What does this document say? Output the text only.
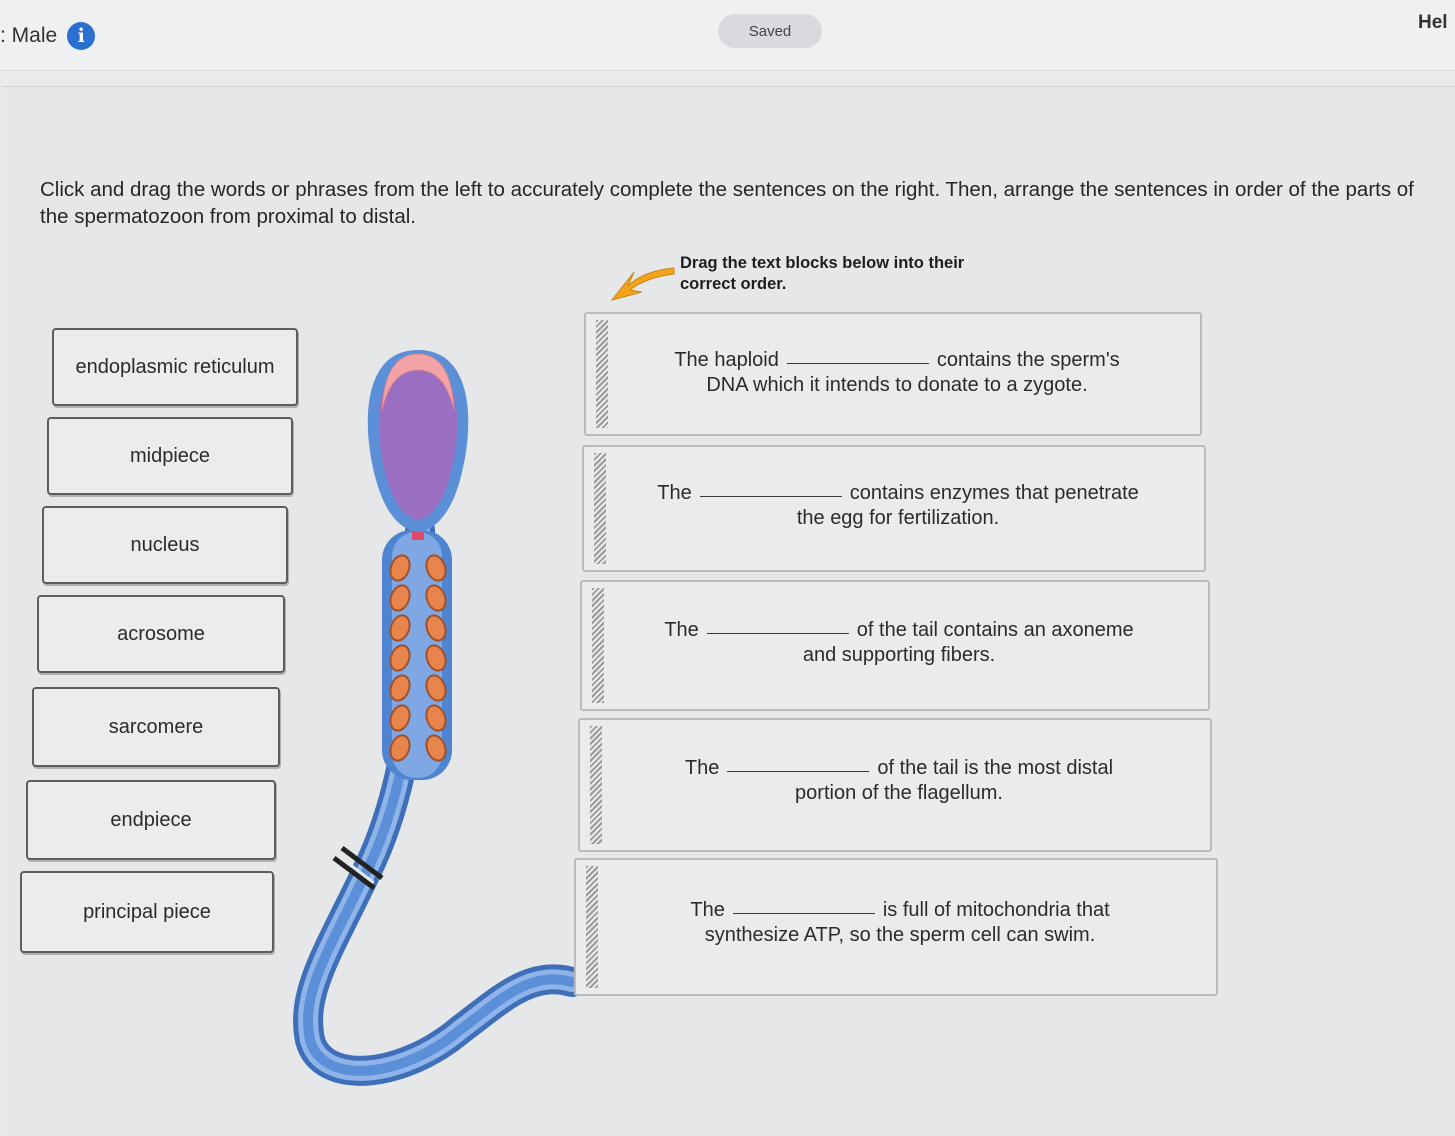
: Male	i	Saved	Hel
Click and drag the words or phrases from the left to accurately complete the sentences on the right. Then, arrange the sentences in order of the parts of the spermatozoon from proximal to distal.
Drag the text blocks below into their correct order.
endoplasmic reticulum
midpiece
nucleus
acrosome
sarcomere
endpiece
principal piece
The haploid	contains the sperm's
DNA which it intends to donate to a zygote.
The	contains enzymes that penetrate
the egg for fertilization.
The	of the tail contains an axoneme
and supporting fibers.
The	of the tail is the most distal
portion of the flagellum.
The	is full of mitochondria that
synthesize ATP, so the sperm cell can swim.
